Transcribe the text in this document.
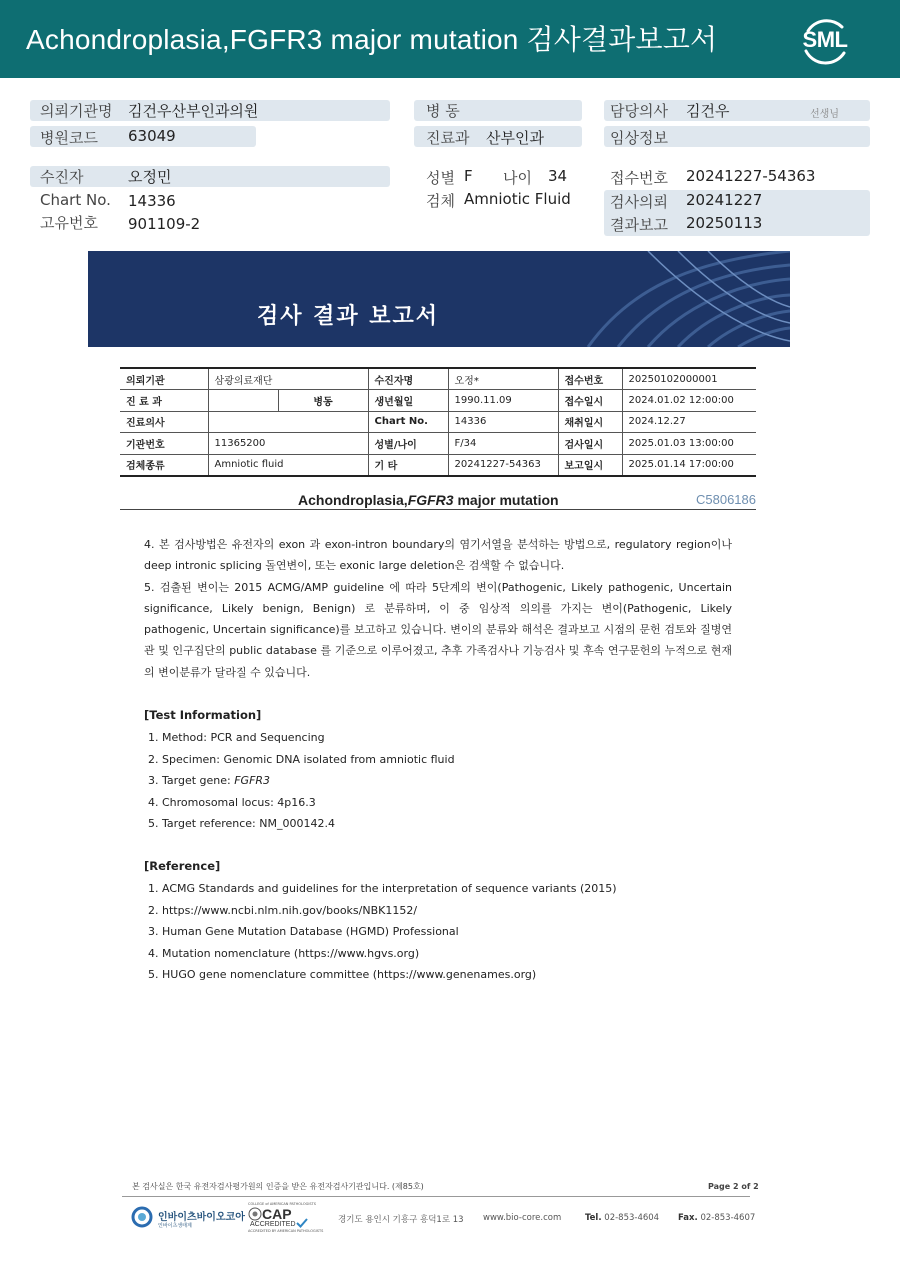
Achondroplasia,FGFR3 major mutation 검사결과보고서	SML
의뢰기관명 김건우산부인과의원
병원코드 63049
병 동
진료과 산부인과
담당의사 김건우	선생님
임상정보
수진자	오정민
Chart No. 14336
고유번호 901109-2
성별 F 나이 34
검체 Amniotic Fluid
접수번호 20241227-54363
검사의뢰 20241227
결과보고 20250113
검사 결과 보고서
의뢰기관	삼광의료재단		수진자명	오정*	접수번호	20250102000001
진 료 과		병동	생년월일	1990.11.09	접수일시	2024.01.02 12:00:00
진료의사			Chart No.	14336	채취일시	2024.12.27
기관번호	11365200		성별/나이	F/34	검사일시	2025.01.03 13:00:00
검체종류	Amniotic fluid		기 타	20241227-54363	보고일시	2025.01.14 17:00:00
Achondroplasia,FGFR3 major mutation	C5806186

4. 본 검사방법은 유전자의 exon 과 exon-intron boundary의 염기서열을 분석하는 방법으로, regulatory region이나 deep intronic splicing 돌연변이, 또는 exonic large deletion은 검색할 수 없습니다.

5. 검출된 변이는 2015 ACMG/AMP guideline 에 따라 5단계의 변이(Pathogenic, Likely pathogenic, Uncertain significance, Likely benign, Benign) 로 분류하며, 이 중 임상적 의의를 가지는 변이(Pathogenic, Likely pathogenic, Uncertain significance)를 보고하고 있습니다. 변이의 분류와 해석은 결과보고 시점의 문헌 검토와 질병연관 및 인구집단의 public database 를 기준으로 이루어졌고, 추후 가족검사나 기능검사 및 후속 연구문헌의 누적으로 현재의 변이분류가 달라질 수 있습니다.

[Test Information]
1. Method: PCR and Sequencing
2. Specimen: Genomic DNA isolated from amniotic fluid
3. Target gene: FGFR3
4. Chromosomal locus: 4p16.3
5. Target reference: NM_000142.4
[Reference]
1. ACMG Standards and guidelines for the interpretation of sequence variants (2015)
2. https://www.ncbi.nlm.nih.gov/books/NBK1152/
3. Human Gene Mutation Database (HGMD) Professional
4. Mutation nomenclature (https://www.hgvs.org)
5. HUGO gene nomenclature committee (https://www.genenames.org)
본 검사실은 한국 유전자검사평가원의 인증을 받은 유전자검사기관입니다. (제85호)	Page 2 of 2
인바이츠바이오코아
인바이츠생태계
COLLEGE of AMERICAN PATHOLOGISTS
CAP
ACCREDITED
ACCREDITED BY AMERICAN PATHOLOGISTS
경기도 용인시 기흥구 흥덕1로 13 www.bio-core.com	Tel. 02-853-4604 Fax. 02-853-4607
